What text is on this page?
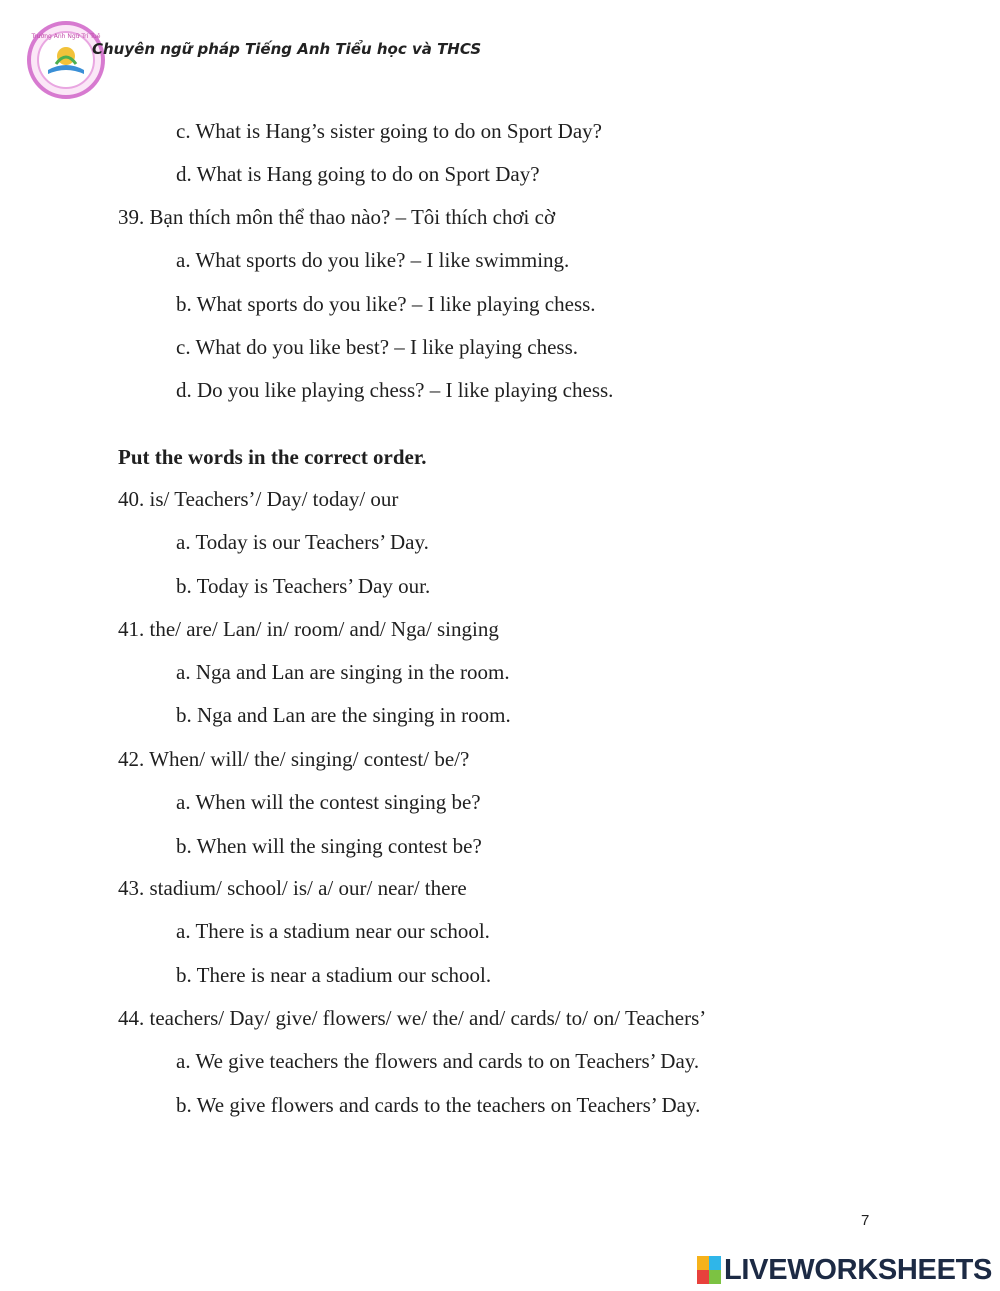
Trường Anh Ngữ Trí Tuệ
Chuyên ngữ pháp Tiếng Anh Tiểu học và THCS
c. What is Hang’s sister going to do on Sport Day?
d. What is Hang going to do on Sport Day?
39. Bạn thích môn thể thao nào? – Tôi thích chơi cờ
a. What sports do you like? – I like swimming.
b. What sports do you like? – I like playing chess.
c. What do you like best? – I like playing chess.
d. Do you like playing chess? – I like playing chess.
Put the words in the correct order.
40. is/ Teachers’/ Day/ today/ our
a. Today is our Teachers’ Day.
b. Today is Teachers’ Day our.
41. the/ are/ Lan/ in/ room/ and/ Nga/ singing
a. Nga and Lan are singing in the room.
b. Nga and Lan are the singing in room.
42. When/ will/ the/ singing/ contest/ be/?
a. When will the contest singing be?
b. When will the singing contest be?
43. stadium/ school/ is/ a/ our/ near/ there
a. There is a stadium near our school.
b. There is near a stadium our school.
44. teachers/ Day/ give/ flowers/ we/ the/ and/ cards/ to/ on/ Teachers’
a. We give teachers the flowers and cards to on Teachers’ Day.
b. We give flowers and cards to the teachers on Teachers’ Day.
7
LIVEWORKSHEETS
